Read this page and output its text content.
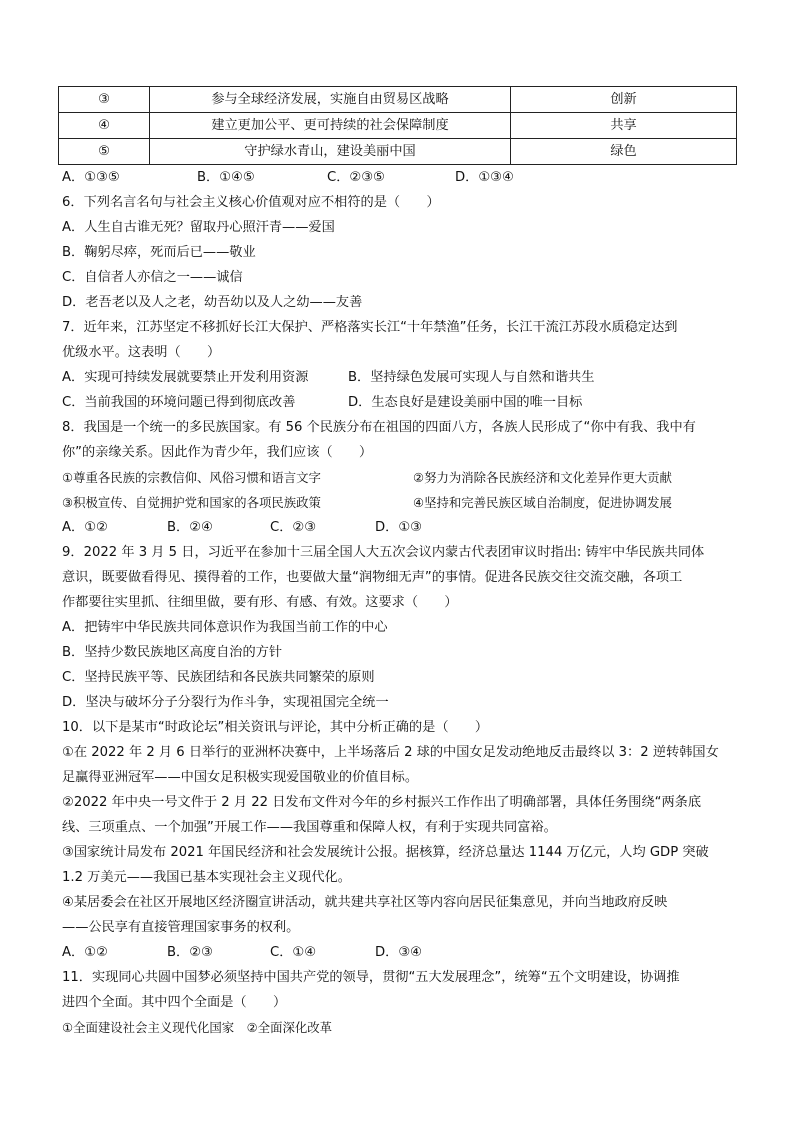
③	参与全球经济发展，实施自由贸易区战略	创新
④	建立更加公平、更可持续的社会保障制度	共享
⑤	守护绿水青山，建设美丽中国	绿色
A．①③⑤	B．①④⑤	C．②③⑤	D．①③④
6．下列名言名句与社会主义核心价值观对应不相符的是（　　）
A．人生自古谁无死？留取丹心照汗青——爱国
B．鞠躬尽瘁，死而后已——敬业
C．自信者人亦信之一——诚信
D．老吾老以及人之老，幼吾幼以及人之幼——友善
7．近年来，江苏坚定不移抓好长江大保护、严格落实长江“十年禁渔”任务，长江干流江苏段水质稳定达到
优级水平。这表明（　　）
A．实现可持续发展就要禁止开发利用资源	B．坚持绿色发展可实现人与自然和谐共生
C．当前我国的环境问题已得到彻底改善	D．生态良好是建设美丽中国的唯一目标
8．我国是一个统一的多民族国家。有 56 个民族分布在祖国的四面八方，各族人民形成了“你中有我、我中有
你”的亲缘关系。因此作为青少年，我们应该（　　）
①尊重各民族的宗教信仰、风俗习惯和语言文字	②努力为消除各民族经济和文化差异作更大贡献
③积极宣传、自觉拥护党和国家的各项民族政策	④坚持和完善民族区域自治制度，促进协调发展
A．①②	B．②④	C．②③	D．①③
9．2022 年 3 月 5 日，习近平在参加十三届全国人大五次会议内蒙古代表团审议时指出: 铸牢中华民族共同体
意识，既要做看得见、摸得着的工作，也要做大量“润物细无声”的事情。促进各民族交往交流交融，各项工
作都要往实里抓、往细里做，要有形、有感、有效。这要求（　　）
A．把铸牢中华民族共同体意识作为我国当前工作的中心
B．坚持少数民族地区高度自治的方针
C．坚持民族平等、民族团结和各民族共同繁荣的原则
D．坚决与破坏分子分裂行为作斗争，实现祖国完全统一
10．以下是某市“时政论坛”相关资讯与评论，其中分析正确的是（　　）
①在 2022 年 2 月 6 日举行的亚洲杯决赛中，上半场落后 2 球的中国女足发动绝地反击最终以 3：2 逆转韩国女
足赢得亚洲冠军——中国女足积极实现爱国敬业的价值目标。
②2022 年中央一号文件于 2 月 22 日发布文件对今年的乡村振兴工作作出了明确部署，具体任务围绕“两条底
线、三项重点、一个加强”开展工作——我国尊重和保障人权，有利于实现共同富裕。
③国家统计局发布 2021 年国民经济和社会发展统计公报。据核算，经济总量达 1144 万亿元，人均 GDP 突破
1.2 万美元——我国已基本实现社会主义现代化。
④某居委会在社区开展地区经济圈宣讲活动，就共建共享社区等内容向居民征集意见，并向当地政府反映
——公民享有直接管理国家事务的权利。
A．①②	B．②③	C．①④	D．③④
11．实现同心共圆中国梦必须坚持中国共产党的领导，贯彻“五大发展理念”，统筹“五个文明建设，协调推
进四个全面。其中四个全面是（　　）
①全面建设社会主义现代化国家　②全面深化改革
